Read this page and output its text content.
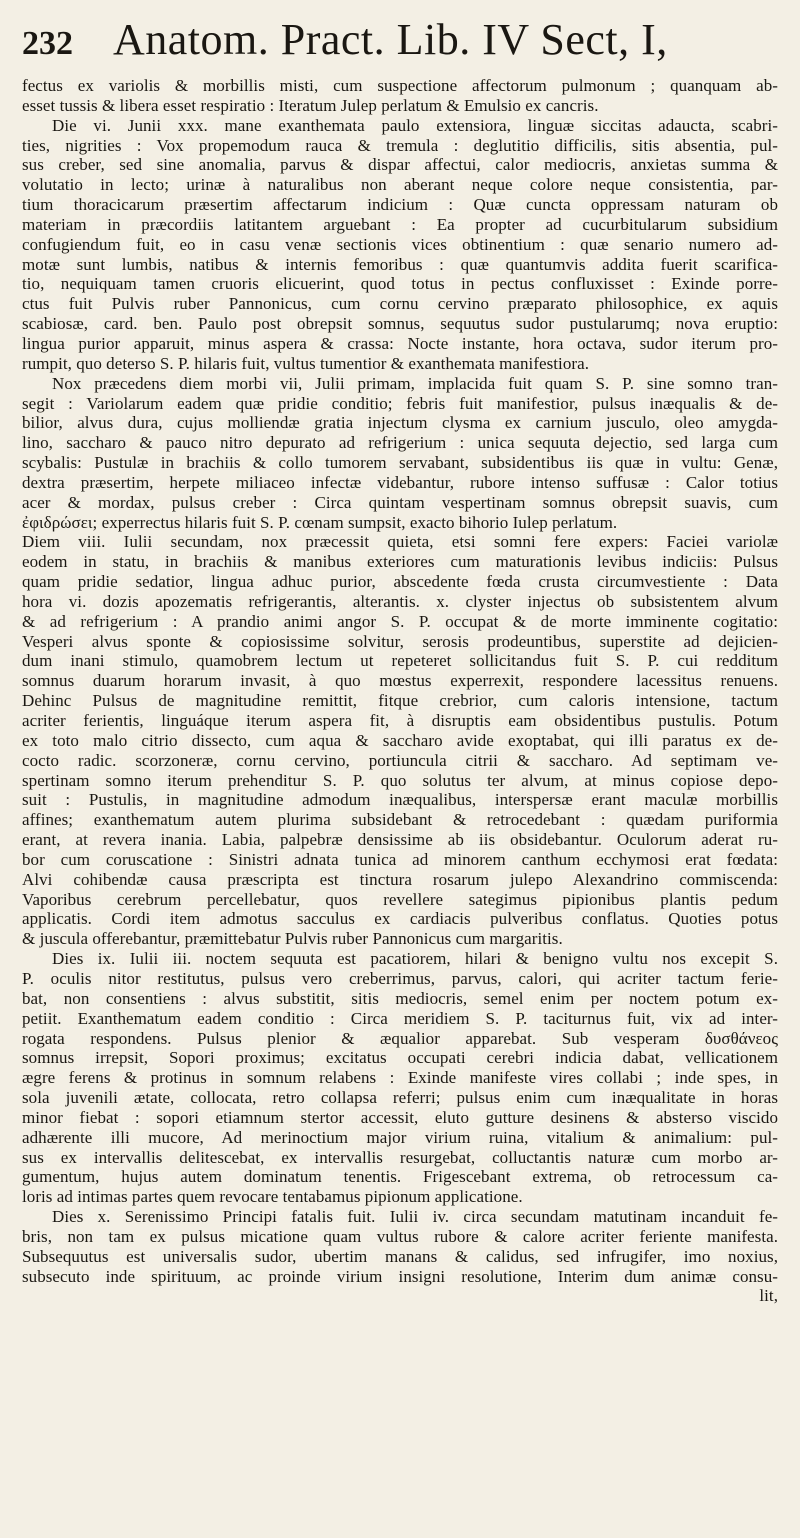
232 Anatom. Pract. Lib. IV Sect, I,
fectus ex variolis & morbillis misti, cum suspectione affectorum pulmonum ; quanquam ab-
esset tussis & libera esset respiratio : Iteratum Julep perlatum & Emulsio ex cancris.
Die vi. Junii xxx. mane exanthemata paulo extensiora, linguæ siccitas adaucta, scabri-
ties, nigrities : Vox propemodum rauca & tremula : deglutitio difficilis, sitis absentia, pul-
sus creber, sed sine anomalia, parvus & dispar affectui, calor mediocris, anxietas summa &
volutatio in lecto; urinæ à naturalibus non aberant neque colore neque consistentia, par-
tium thoracicarum præsertim affectarum indicium : Quæ cuncta oppressam naturam ob
materiam in præcordiis latitantem arguebant : Ea propter ad cucurbitularum subsidium
confugiendum fuit, eo in casu venæ sectionis vices obtinentium : quæ senario numero ad-
motæ sunt lumbis, natibus & internis femoribus : quæ quantumvis addita fuerit scarifica-
tio, nequiquam tamen cruoris elicuerint, quod totus in pectus confluxisset : Exinde porre-
ctus fuit Pulvis ruber Pannonicus, cum cornu cervino præparato philosophice, ex aquis
scabiosæ, card. ben. Paulo post obrepsit somnus, sequutus sudor pustularumq; nova eruptio:
lingua purior apparuit, minus aspera & crassa: Nocte instante, hora octava, sudor iterum pro-
rumpit, quo deterso S. P. hilaris fuit, vultus tumentior & exanthemata manifestiora.
Nox præcedens diem morbi vii, Julii primam, implacida fuit quam S. P. sine somno tran-
segit : Variolarum eadem quæ pridie conditio; febris fuit manifestior, pulsus inæqualis & de-
bilior, alvus dura, cujus molliendæ gratia injectum clysma ex carnium jusculo, oleo amygda-
lino, saccharo & pauco nitro depurato ad refrigerium : unica sequuta dejectio, sed larga cum
scybalis: Pustulæ in brachiis & collo tumorem servabant, subsidentibus iis quæ in vultu: Genæ,
dextra præsertim, herpete miliaceo infectæ videbantur, rubore intenso suffusæ : Calor totius
acer & mordax, pulsus creber : Circa quintam vespertinam somnus obrepsit suavis, cum
ἐφιδρώσει; experrectus hilaris fuit S. P. cœnam sumpsit, exacto bihorio Iulep perlatum.
Diem viii. Iulii secundam, nox præcessit quieta, etsi somni fere expers: Faciei variolæ
eodem in statu, in brachiis & manibus exteriores cum maturationis levibus indiciis: Pulsus
quam pridie sedatior, lingua adhuc purior, abscedente fœda crusta circumvestiente : Data
hora vi. dozis apozematis refrigerantis, alterantis. x. clyster injectus ob subsistentem alvum
& ad refrigerium : A prandio animi angor S. P. occupat & de morte imminente cogitatio:
Vesperi alvus sponte & copiosissime solvitur, serosis prodeuntibus, superstite ad dejicien-
dum inani stimulo, quamobrem lectum ut repeteret sollicitandus fuit S. P. cui redditum
somnus duarum horarum invasit, à quo mœstus experrexit, respondere lacessitus renuens.
Dehinc Pulsus de magnitudine remittit, fitque crebrior, cum caloris intensione, tactum
acriter ferientis, linguáque iterum aspera fit, à disruptis eam obsidentibus pustulis. Potum
ex toto malo citrio dissecto, cum aqua & saccharo avide exoptabat, qui illi paratus ex de-
cocto radic. scorzoneræ, cornu cervino, portiuncula citrii & saccharo. Ad septimam ve-
spertinam somno iterum prehenditur S. P. quo solutus ter alvum, at minus copiose depo-
suit : Pustulis, in magnitudine admodum inæqualibus, interspersæ erant maculæ morbillis
affines; exanthematum autem plurima subsidebant & retrocedebant : quædam puriformia
erant, at revera inania. Labia, palpebræ densissime ab iis obsidebantur. Oculorum aderat ru-
bor cum coruscatione : Sinistri adnata tunica ad minorem canthum ecchymosi erat fœdata:
Alvi cohibendæ causa præscripta est tinctura rosarum julepo Alexandrino commiscenda:
Vaporibus cerebrum percellebatur, quos revellere sategimus pipionibus plantis pedum
applicatis. Cordi item admotus sacculus ex cardiacis pulveribus conflatus. Quoties potus
& juscula offerebantur, præmittebatur Pulvis ruber Pannonicus cum margaritis.
Dies ix. Iulii iii. noctem sequuta est pacatiorem, hilari & benigno vultu nos excepit S.
P. oculis nitor restitutus, pulsus vero creberrimus, parvus, calori, qui acriter tactum ferie-
bat, non consentiens : alvus substitit, sitis mediocris, semel enim per noctem potum ex-
petiit. Exanthematum eadem conditio : Circa meridiem S. P. taciturnus fuit, vix ad inter-
rogata respondens. Pulsus plenior & æqualior apparebat. Sub vesperam δυσθάνεος
somnus irrepsit, Sopori proximus; excitatus occupati cerebri indicia dabat, vellicationem
ægre ferens & protinus in somnum relabens : Exinde manifeste vires collabi ; inde spes, in
sola juvenili ætate, collocata, retro collapsa referri; pulsus enim cum inæqualitate in horas
minor fiebat : sopori etiamnum stertor accessit, eluto gutture desinens & absterso viscido
adhærente illi mucore, Ad merinoctium major virium ruina, vitalium & animalium: pul-
sus ex intervallis delitescebat, ex intervallis resurgebat, colluctantis naturæ cum morbo ar-
gumentum, hujus autem dominatum tenentis. Frigescebant extrema, ob retrocessum ca-
loris ad intimas partes quem revocare tentabamus pipionum applicatione.
Dies x. Serenissimo Principi fatalis fuit. Iulii iv. circa secundam matutinam incanduit fe-
bris, non tam ex pulsus micatione quam vultus rubore & calore acriter feriente manifesta.
Subsequutus est universalis sudor, ubertim manans & calidus, sed infrugifer, imo noxius,
subsecuto inde spirituum, ac proinde virium insigni resolutione, Interim dum animæ consu-
lit,
